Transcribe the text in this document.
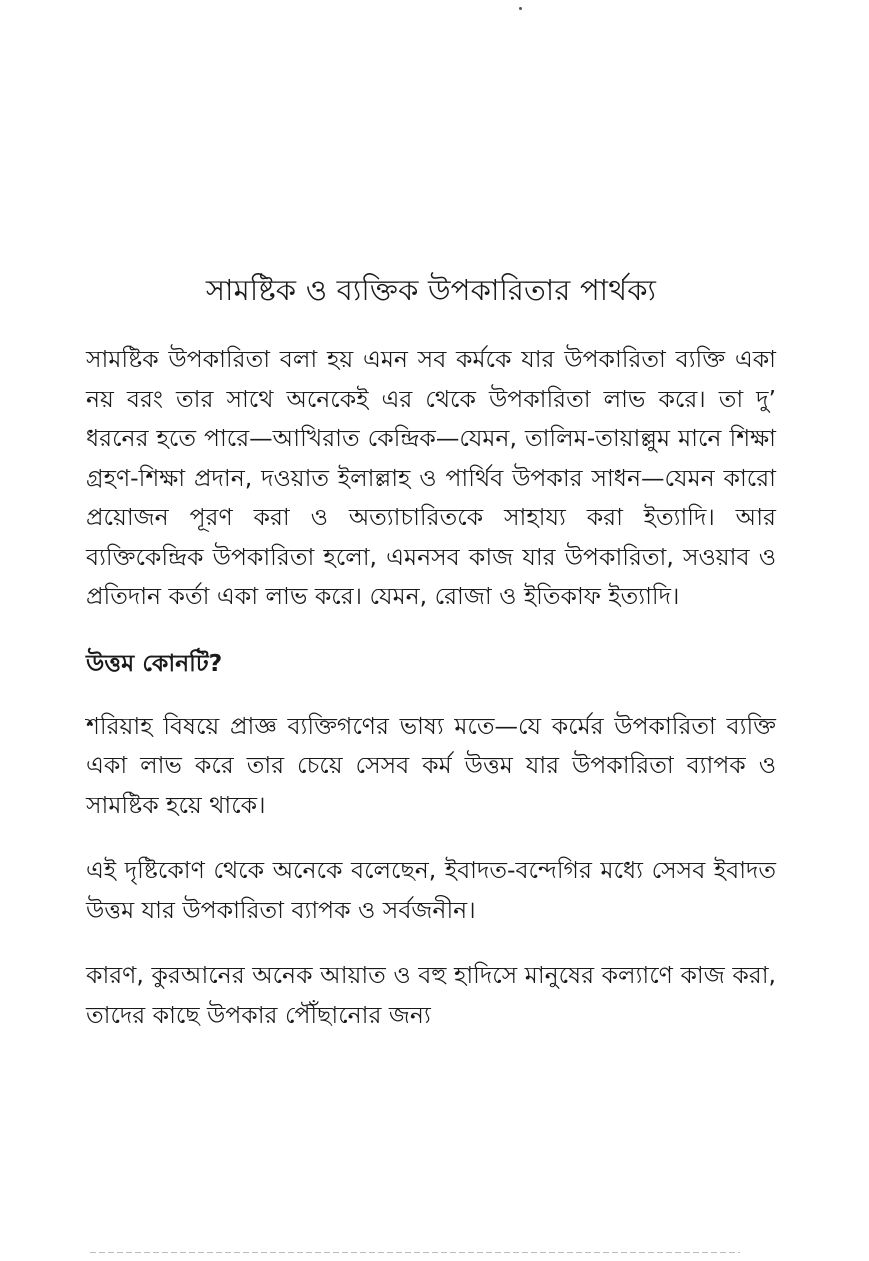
সামষ্টিক ও ব্যক্তিক উপকারিতার পার্থক্য

সামষ্টিক উপকারিতা বলা হয় এমন সব কর্মকে যার উপকারিতা ব্যক্তি একা নয় বরং তার সাথে অনেকেই এর থেকে উপকারিতা লাভ করে। তা দু’ ধরনের হতে পারে—আখিরাত কেন্দ্রিক—যেমন, তালিম-তায়াল্লুম মানে শিক্ষা গ্রহণ-শিক্ষা প্রদান, দওয়াত ইলাল্লাহ ও পার্থিব উপকার সাধন—যেমন কারো প্রয়োজন পূরণ করা ও অত্যাচারিতকে সাহায্য করা ইত্যাদি। আর ব্যক্তিকেন্দ্রিক উপকারিতা হলো, এমনসব কাজ যার উপকারিতা, সওয়াব ও প্রতিদান কর্তা একা লাভ করে। যেমন, রোজা ও ইতিকাফ ইত্যাদি।

উত্তম কোনটি?

শরিয়াহ বিষয়ে প্রাজ্ঞ ব্যক্তিগণের ভাষ্য মতে—যে কর্মের উপকারিতা ব্যক্তি একা লাভ করে তার চেয়ে সেসব কর্ম উত্তম যার উপকারিতা ব্যাপক ও সামষ্টিক হয়ে থাকে।

এই দৃষ্টিকোণ থেকে অনেকে বলেছেন, ইবাদত-বন্দেগির মধ্যে সেসব ইবাদত উত্তম যার উপকারিতা ব্যাপক ও সর্বজনীন।

কারণ, কুরআনের অনেক আয়াত ও বহু হাদিসে মানুষের কল্যাণে কাজ করা, তাদের কাছে উপকার পৌঁছানোর জন্য
